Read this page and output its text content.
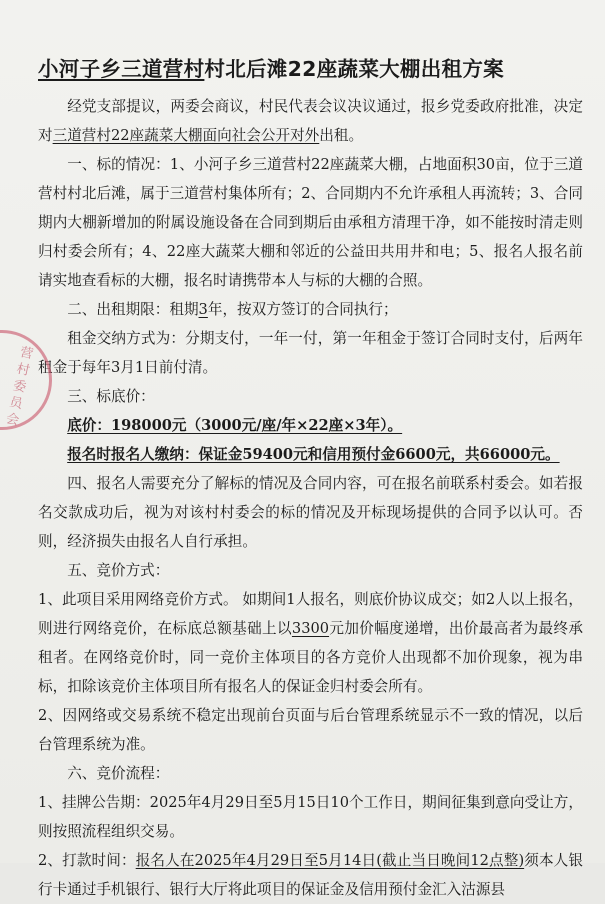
营村委员会
小河子乡三道营村村北后滩22座蔬菜大棚出租方案

经党支部提议，两委会商议，村民代表会议决议通过，报乡党委政府批准，决定对三道营村22座蔬菜大棚面向社会公开对外出租。

一、标的情况：1、小河子乡三道营村22座蔬菜大棚，占地面积30亩，位于三道营村村北后滩，属于三道营村集体所有；2、合同期内不允许承租人再流转；3、合同期内大棚新增加的附属设施设备在合同到期后由承租方清理干净，如不能按时清走则归村委会所有；4、22座大蔬菜大棚和邻近的公益田共用井和电；5、报名人报名前请实地查看标的大棚，报名时请携带本人与标的大棚的合照。

二、出租期限：租期3年，按双方签订的合同执行；

租金交纳方式为：分期支付，一年一付，第一年租金于签订合同时支付，后两年租金于每年3月1日前付清。

三、标底价：

底价：198000元（3000元/座/年×22座×3年）。

报名时报名人缴纳：保证金59400元和信用预付金6600元，共66000元。

四、报名人需要充分了解标的情况及合同内容，可在报名前联系村委会。如若报名交款成功后，视为对该村村委会的标的情况及开标现场提供的合同予以认可。否则，经济损失由报名人自行承担。

五、竞价方式：

1、此项目采用网络竞价方式。 如期间1人报名，则底价协议成交；如2人以上报名，则进行网络竞价，在标底总额基础上以3300元加价幅度递增，出价最高者为最终承租者。在网络竞价时，同一竞价主体项目的各方竞价人出现都不加价现象，视为串标，扣除该竞价主体项目所有报名人的保证金归村委会所有。

2、因网络或交易系统不稳定出现前台页面与后台管理系统显示不一致的情况，以后台管理系统为准。

六、竞价流程：

1、挂牌公告期：2025年4月29日至5月15日10个工作日，期间征集到意向受让方，则按照流程组织交易。

2、打款时间：报名人在2025年4月29日至5月14日(截止当日晚间12点整)须本人银行卡通过手机银行、银行大厅将此项目的保证金及信用预付金汇入沽源县
